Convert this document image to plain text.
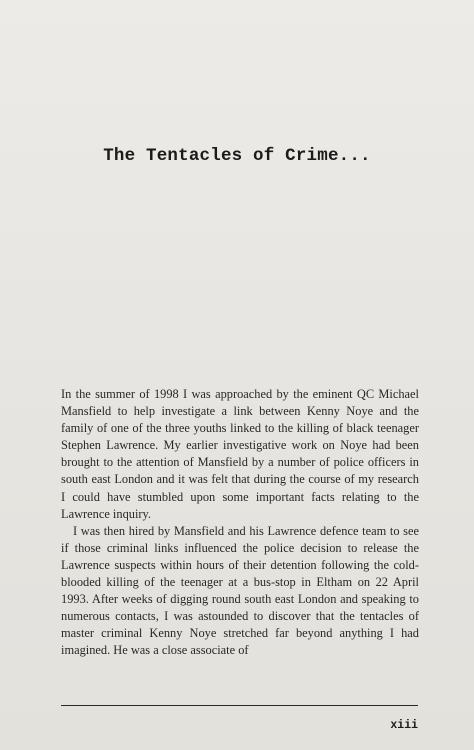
The Tentacles of Crime...

In the summer of 1998 I was approached by the eminent QC Michael Mansfield to help investigate a link between Kenny Noye and the family of one of the three youths linked to the killing of black teenager Stephen Lawrence. My earlier investigative work on Noye had been brought to the attention of Mansfield by a number of police officers in south east London and it was felt that during the course of my research I could have stumbled upon some important facts relating to the Lawrence inquiry.

I was then hired by Mansfield and his Lawrence defence team to see if those criminal links influenced the police decision to release the Lawrence suspects within hours of their detention following the cold-blooded killing of the teenager at a bus-stop in Eltham on 22 April 1993. After weeks of digging round south east London and speaking to numerous contacts, I was astounded to discover that the tentacles of master criminal Kenny Noye stretched far beyond anything I had imagined. He was a close associate of

xiii
